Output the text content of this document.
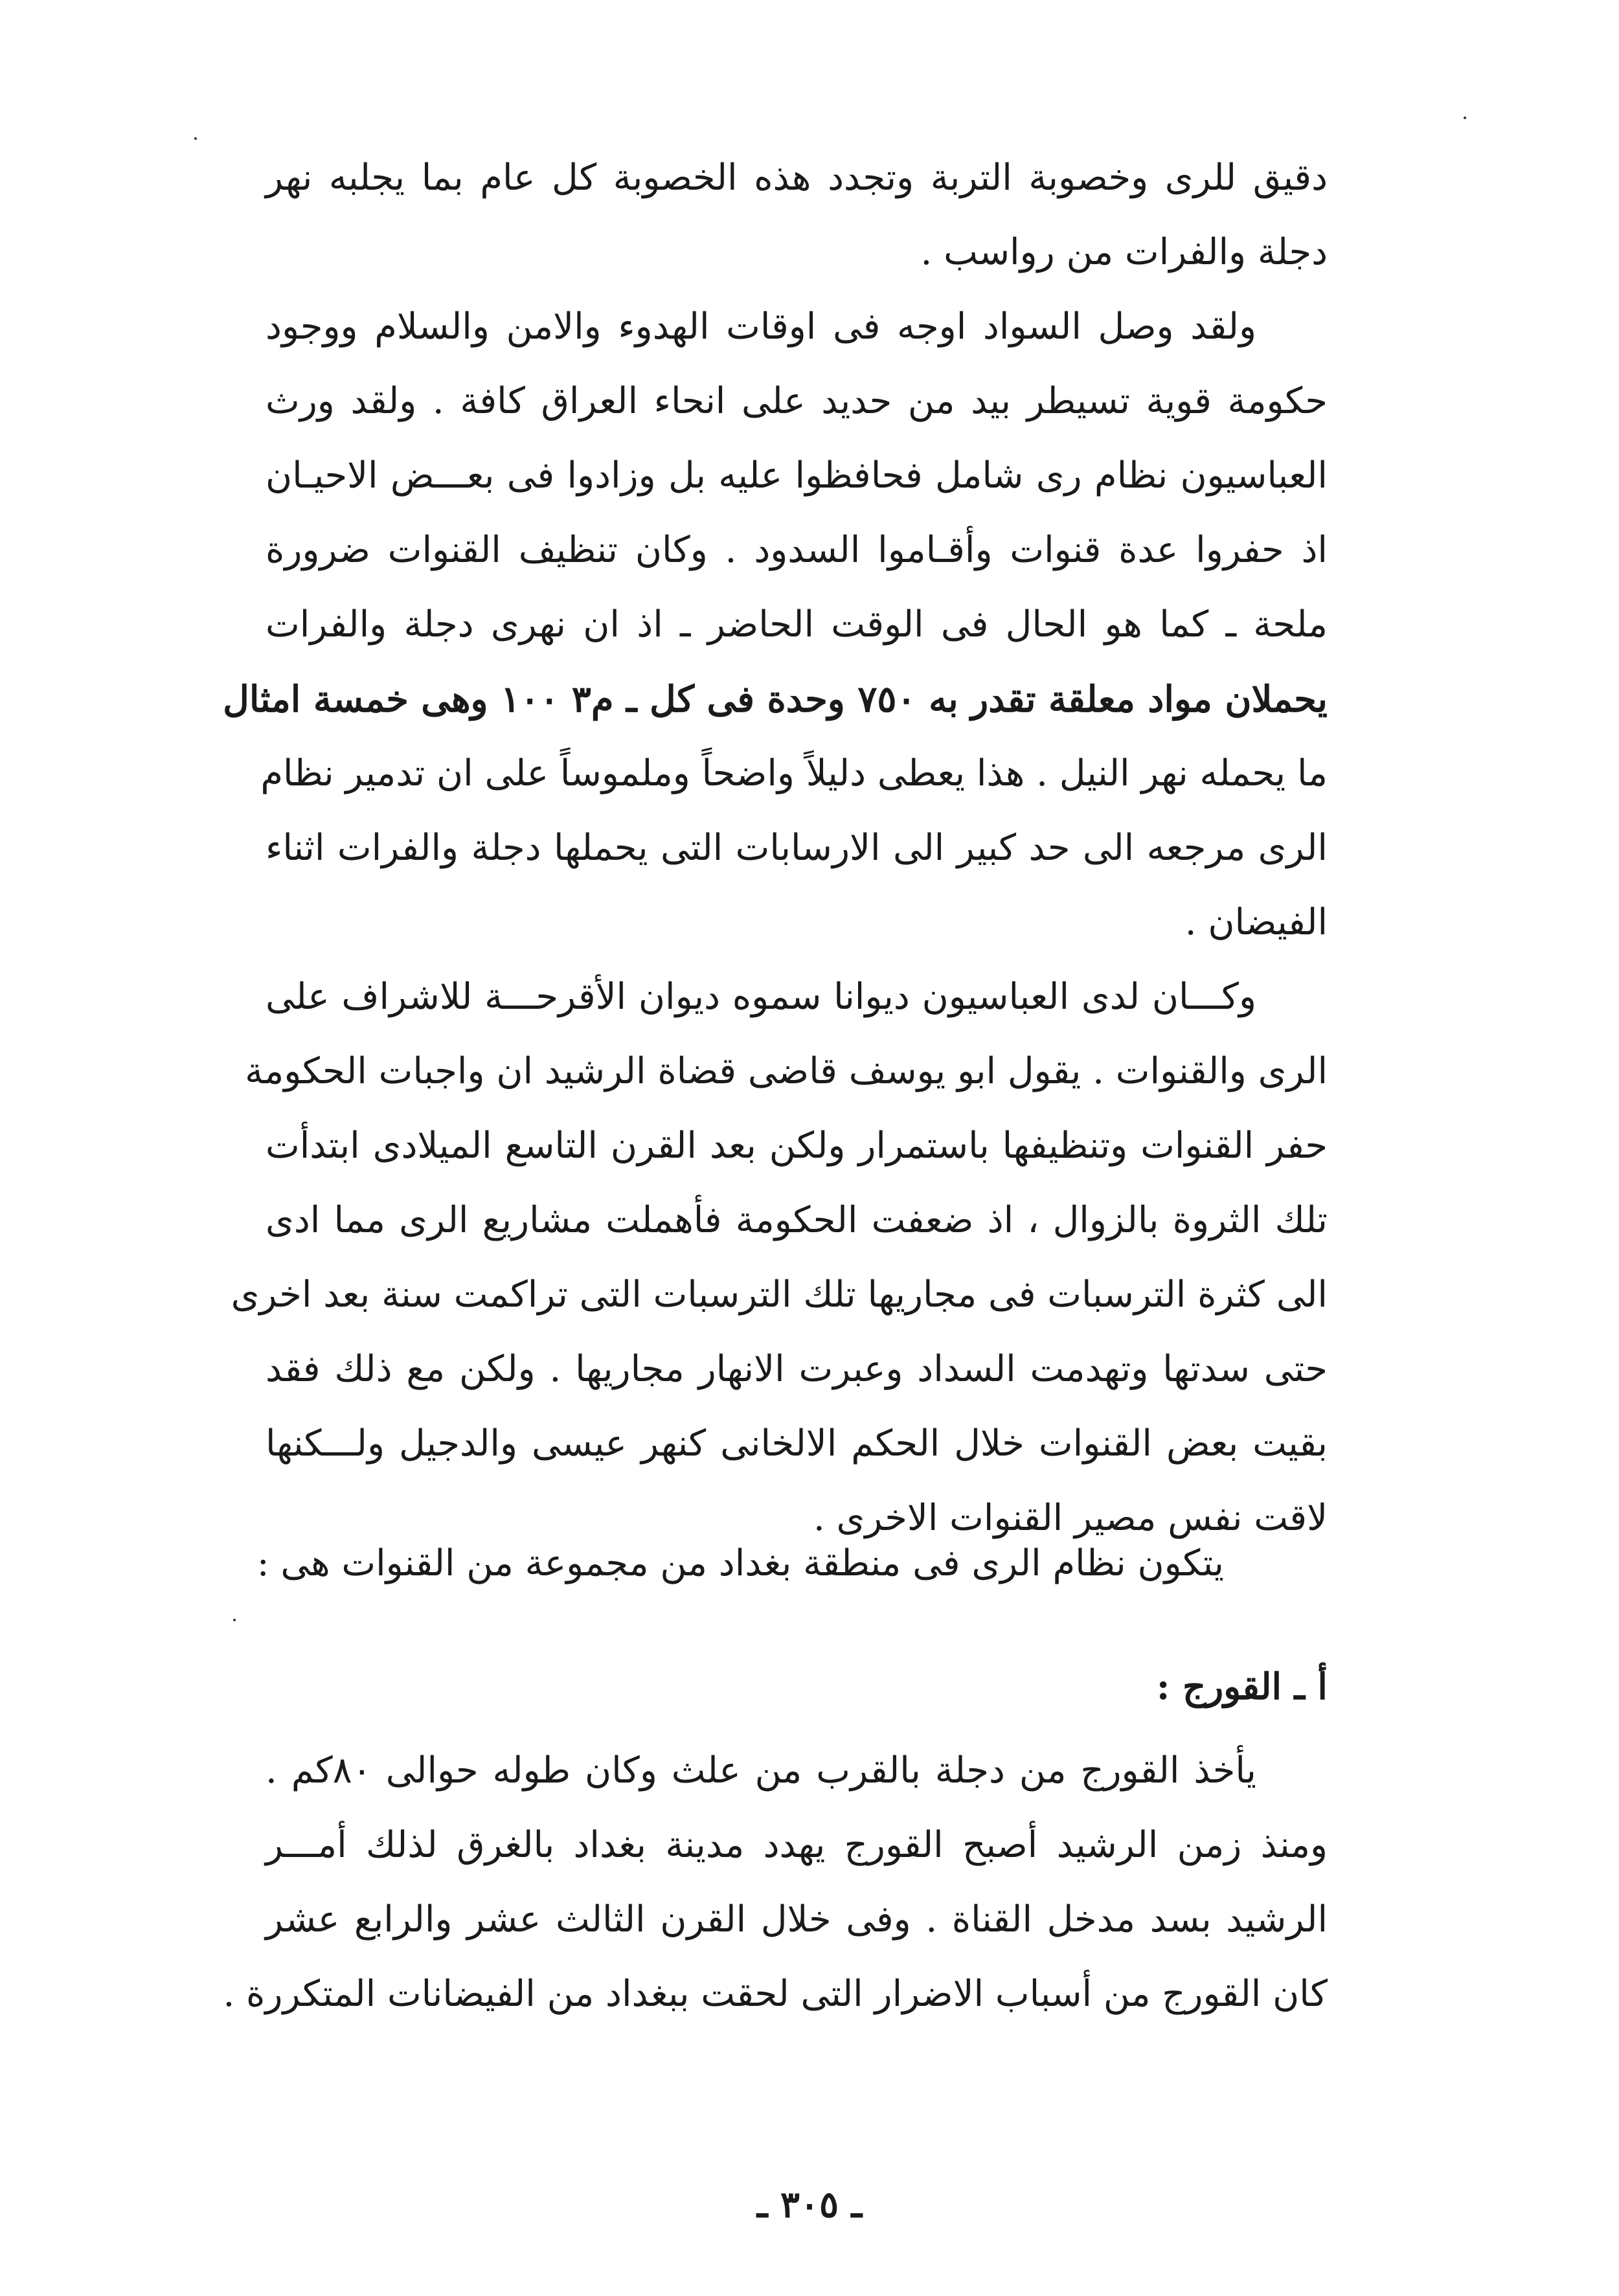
دقيق للرى وخصوبة التربة وتجدد هذه الخصوبة كل عام بما يجلبه نهر
دجلة والفرات من رواسب .
ولقد وصل السواد اوجه فى اوقات الهدوء والامن والسلام ووجود
حكومة قوية تسيطر بيد من حديد على انحاء العراق كافة . ولقد ورث
العباسيون نظام رى شامل فحافظوا عليه بل وزادوا فى بعـــض الاحيـان
اذ حفروا عدة قنوات وأقـاموا السدود . وكان تنظيف القنوات ضرورة
ملحة ـ كما هو الحال فى الوقت الحاضر ـ اذ ان نهرى دجلة والفرات
يحملان مواد معلقة تقدر به ٧٥٠ وحدة فى كل ـ م٣ ١٠٠ وهى خمسة امثال
ما يحمله نهر النيل . هذا يعطى دليلاً واضحاً وملموساً على ان تدمير نظام
الرى مرجعه الى حد كبير الى الارسابات التى يحملها دجلة والفرات اثناء
الفيضان .
وكـــان لدى العباسيون ديوانا سموه ديوان الأقرحـــة للاشراف على
الرى والقنوات . يقول ابو يوسف قاضى قضاة الرشيد ان واجبات الحكومة
حفر القنوات وتنظيفها باستمرار ولكن بعد القرن التاسع الميلادى ابتدأت
تلك الثروة بالزوال ، اذ ضعفت الحكومة فأهملت مشاريع الرى مما ادى
الى كثرة الترسبات فى مجاريها تلك الترسبات التى تراكمت سنة بعد اخرى
حتى سدتها وتهدمت السداد وعبرت الانهار مجاريها . ولكن مع ذلك فقد
بقيت بعض القنوات خلال الحكم الالخانى كنهر عيسى والدجيل ولـــكنها
لاقت نفس مصير القنوات الاخرى .
يتكون نظام الرى فى منطقة بغداد من مجموعة من القنوات هى :
أ ـ القورج :
يأخذ القورج من دجلة بالقرب من علث وكان طوله حوالى ٨٠كم .
ومنذ زمن الرشيد أصبح القورج يهدد مدينة بغداد بالغرق لذلك أمـــر
الرشيد بسد مدخل القناة . وفى خلال القرن الثالث عشر والرابع عشر
كان القورج من أسباب الاضرار التى لحقت ببغداد من الفيضانات المتكررة .
ـ ٣٠٥ ـ
